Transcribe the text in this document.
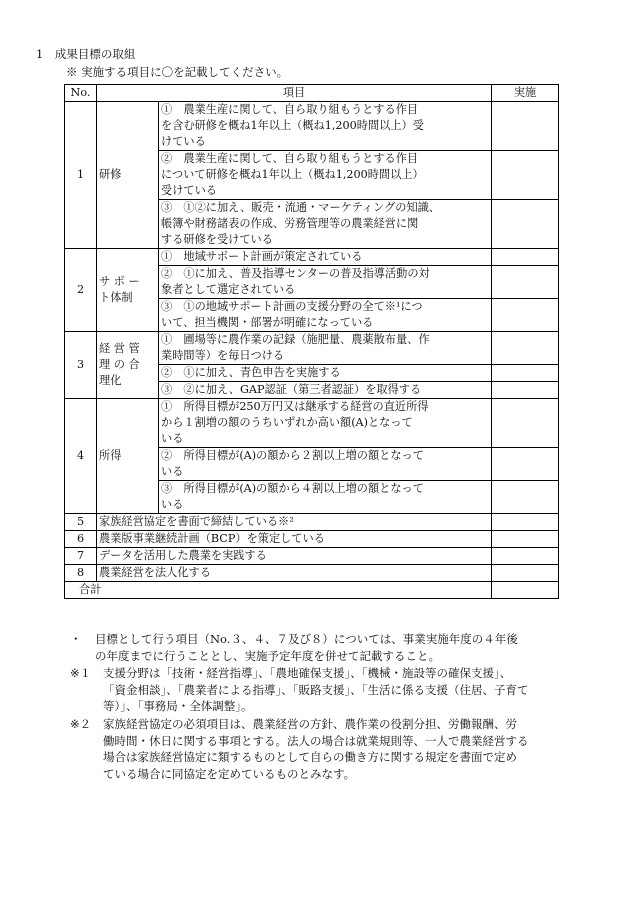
1　成果目標の取組
※ 実施する項目に〇を記載してください。
No.	項目		実施
1	研修	①　農業生産に関して、自ら取り組もうとする作目
を含む研修を概ね1年以上（概ね1,200時間以上）受
けている	

		②　農業生産に関して、自ら取り組もうとする作目
について研修を概ね1年以上（概ね1,200時間以上）
受けている	

		③　①②に加え、販売・流通・マーケティングの知識、
帳簿や財務諸表の作成、労務管理等の農業経営に関
する研修を受けている	

2	サ ポ ー
ト体制	①　地域サポート計画が策定されている	

		②　①に加え、普及指導センターの普及指導活動の対
象者として選定されている	

		③　①の地域サポート計画の支援分野の全て※¹につ
いて、担当機関・部署が明確になっている	

3	経 営 管
理 の 合
理化	①　圃場等に農作業の記録（施肥量、農薬散布量、作
業時間等）を毎日つける	

		②　①に加え、青色申告を実施する	

		③　②に加え、GAP認証（第三者認証）を取得する	

4	所得	①　所得目標が250万円又は継承する経営の直近所得
から１割増の額のうちいずれか高い額(A)となって
いる	

		②　所得目標が(A)の額から２割以上増の額となって
いる	

		③　所得目標が(A)の額から４割以上増の額となって
いる	

5	家族経営協定を書面で締結している※²		
6	農業版事業継続計画（BCP）を策定している		
7	データを活用した農業を実践する		
8	農業経営を法人化する		
合計			
・ 目標として行う項目（No.３、４、７及び８）については、事業実施年度の４年後
の年度までに行うこととし、実施予定年度を併せて記載すること。
※１ 支援分野は「技術・経営指導」、「農地確保支援」、「機械・施設等の確保支援」、
「資金相談」、「農業者による指導」、「販路支援」、「生活に係る支援（住居、子育て
等）」、「事務局・全体調整」。
※２ 家族経営協定の必須項目は、農業経営の方針、農作業の役割分担、労働報酬、労
働時間・休日に関する事項とする。法人の場合は就業規則等、一人で農業経営する
場合は家族経営協定に類するものとして自らの働き方に関する規定を書面で定め
ている場合に同協定を定めているものとみなす。
